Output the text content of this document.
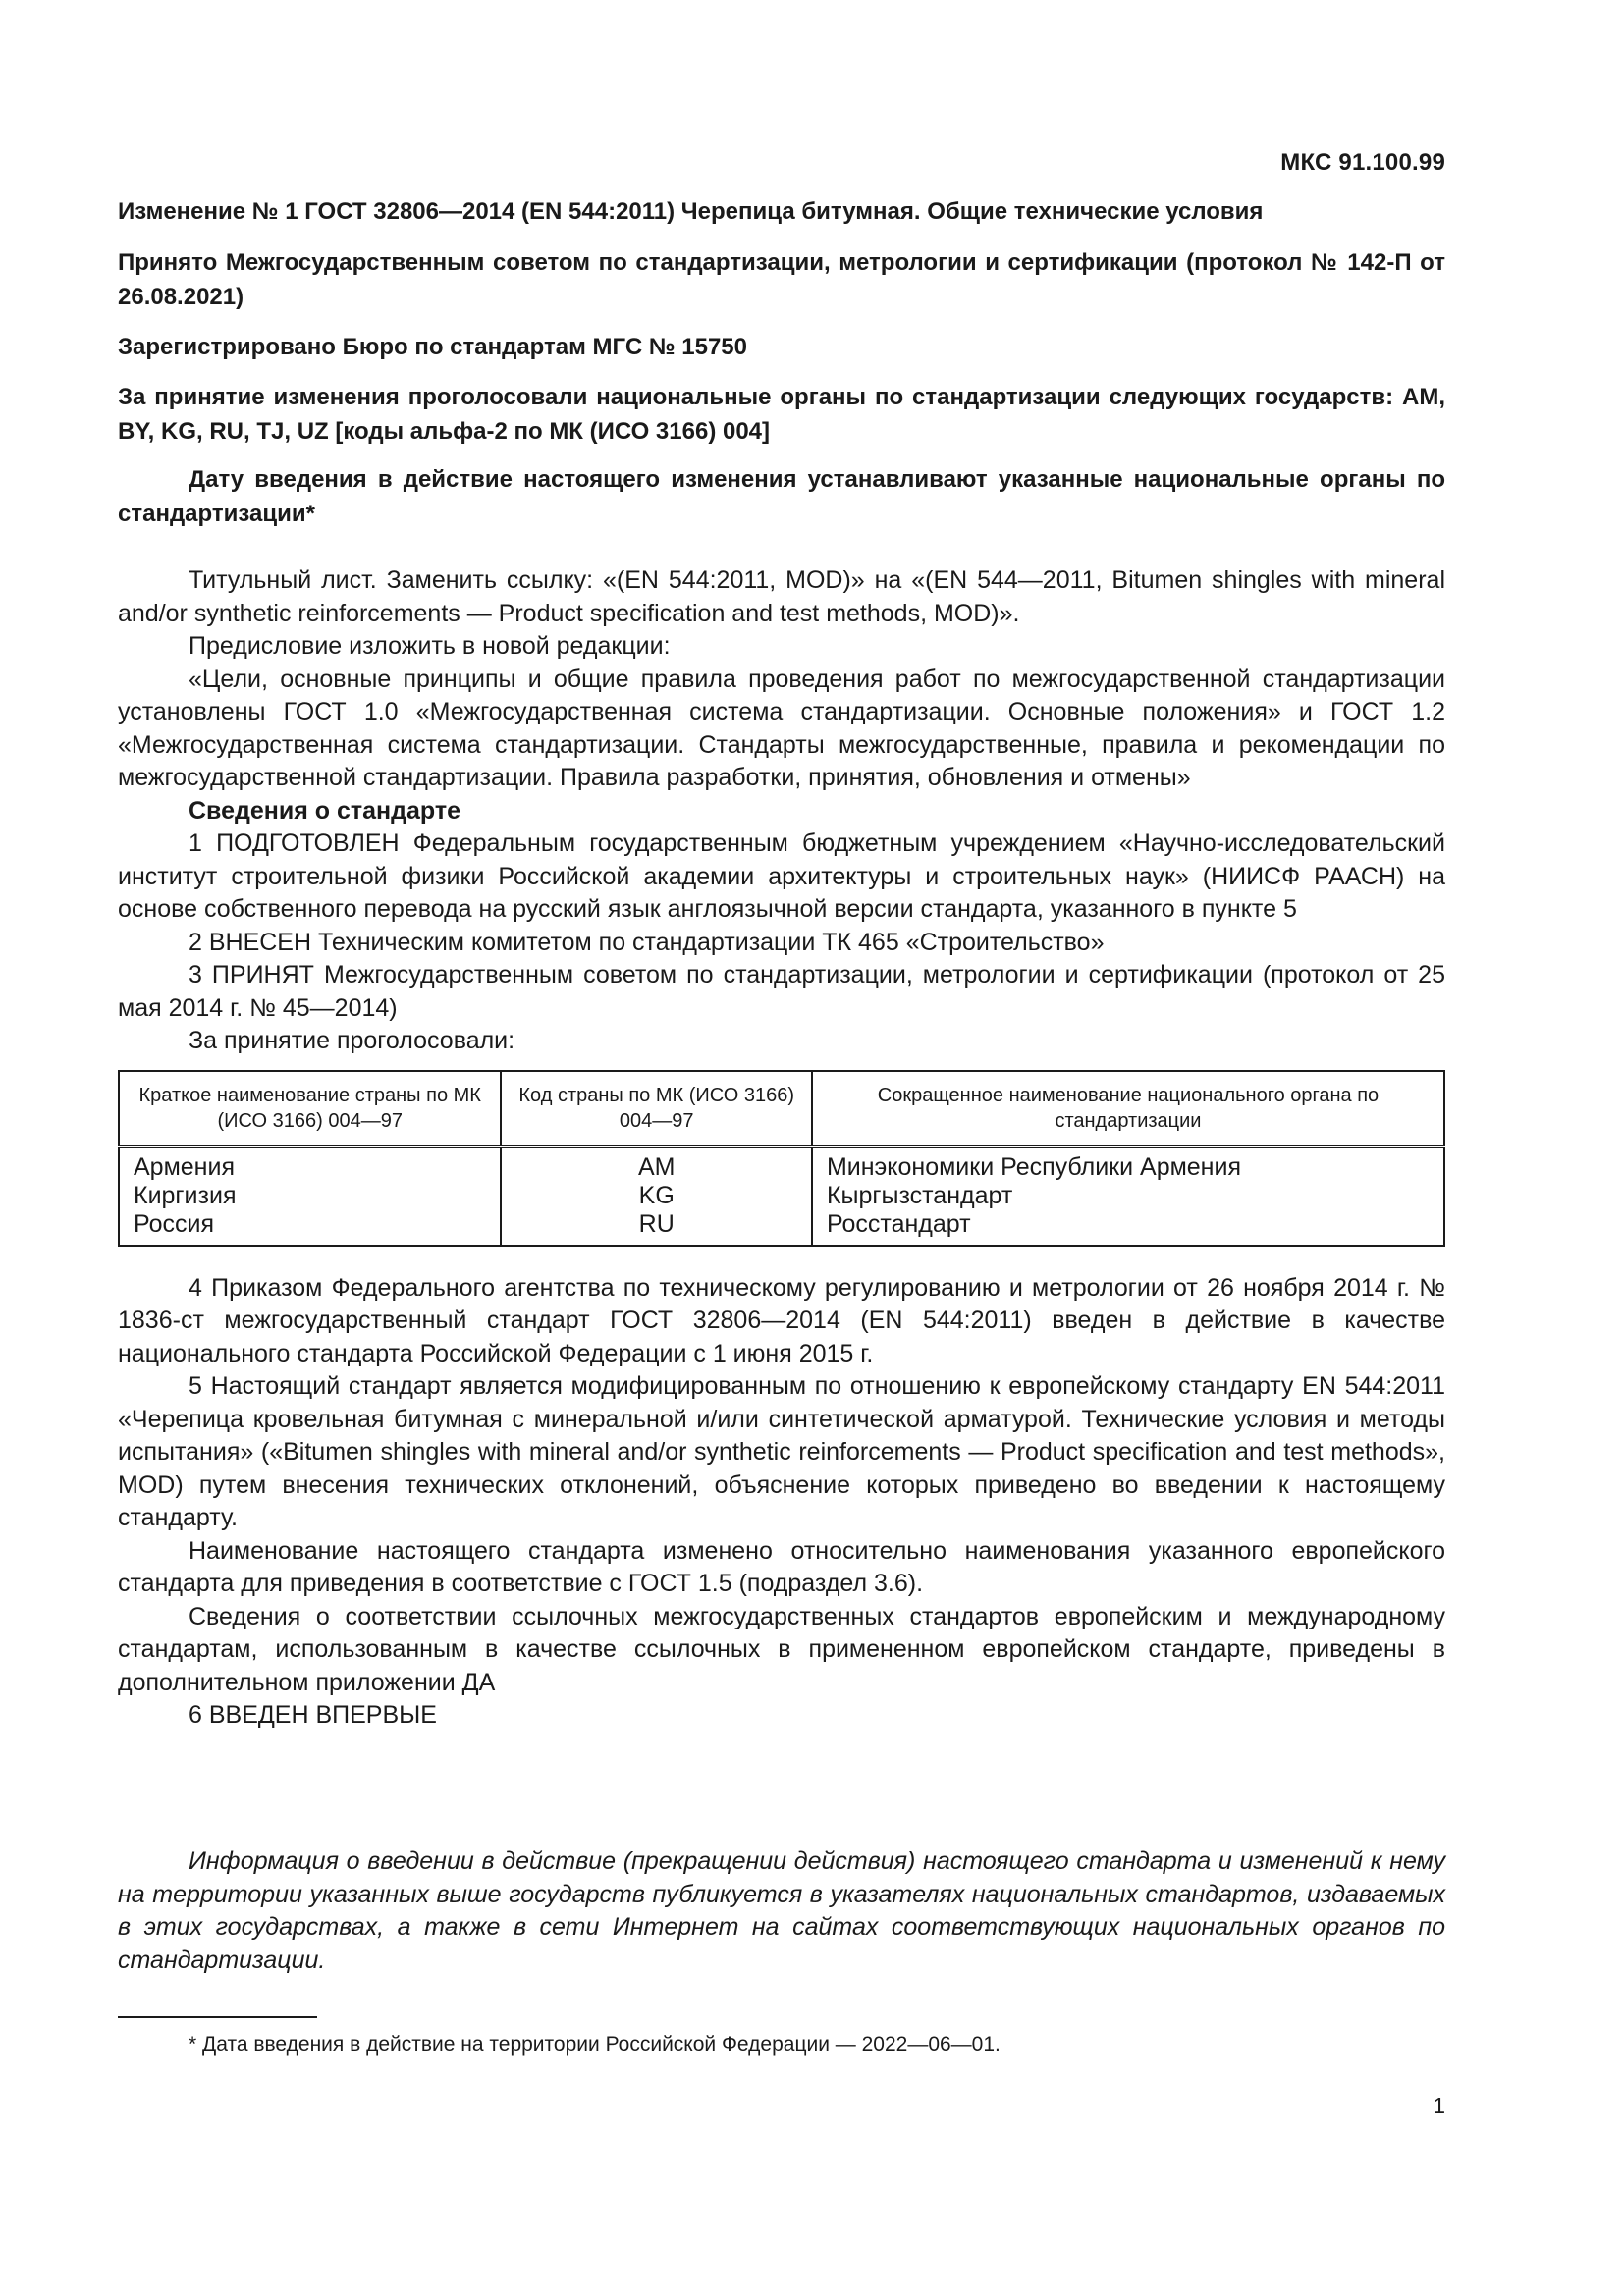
МКС 91.100.99
Изменение № 1 ГОСТ 32806—2014 (EN 544:2011) Черепица битумная. Общие технические условия
Принято Межгосударственным советом по стандартизации, метрологии и сертификации (протокол № 142-П от 26.08.2021)
Зарегистрировано Бюро по стандартам МГС № 15750
За принятие изменения проголосовали национальные органы по стандартизации следующих государств: AM, BY, KG, RU, TJ, UZ [коды альфа-2 по МК (ИСО 3166) 004]
Дату введения в действие настоящего изменения устанавливают указанные национальные органы по стандартизации*

Титульный лист. Заменить ссылку: «(EN 544:2011, MOD)» на «(EN 544—2011, Bitumen shingles with mineral and/or synthetic reinforcements — Product specification and test methods, MOD)».

Предисловие изложить в новой редакции:

«Цели, основные принципы и общие правила проведения работ по межгосударственной стандартизации установлены ГОСТ 1.0 «Межгосударственная система стандартизации. Основные положения» и ГОСТ 1.2 «Межгосударственная система стандартизации. Стандарты межгосударственные, правила и рекомендации по межгосударственной стандартизации. Правила разработки, принятия, обновления и отмены»

Сведения о стандарте

1 ПОДГОТОВЛЕН Федеральным государственным бюджетным учреждением «Научно-исследовательский институт строительной физики Российской академии архитектуры и строительных наук» (НИИСФ РААСН) на основе собственного перевода на русский язык англоязычной версии стандарта, указанного в пункте 5

2 ВНЕСЕН Техническим комитетом по стандартизации ТК 465 «Строительство»

3 ПРИНЯТ Межгосударственным советом по стандартизации, метрологии и сертификации (протокол от 25 мая 2014 г. № 45—2014)

За принятие проголосовали:

Краткое наименование страны по МК (ИСО 3166) 004—97	Код страны по МК (ИСО 3166) 004—97	Сокращенное наименование национального органа по стандартизации
Армения	AM	Минэкономики Республики Армения
Киргизия	KG	Кыргызстандарт
Россия	RU	Росстандарт

4 Приказом Федерального агентства по техническому регулированию и метрологии от 26 ноября 2014 г. № 1836-ст межгосударственный стандарт ГОСТ 32806—2014 (EN 544:2011) введен в действие в качестве национального стандарта Российской Федерации с 1 июня 2015 г.

5 Настоящий стандарт является модифицированным по отношению к европейскому стандарту EN 544:2011 «Черепица кровельная битумная с минеральной и/или синтетической арматурой. Технические условия и методы испытания» («Bitumen shingles with mineral and/or synthetic reinforcements — Product specification and test methods», MOD) путем внесения технических отклонений, объяснение которых приведено во введении к настоящему стандарту.

Наименование настоящего стандарта изменено относительно наименования указанного европейского стандарта для приведения в соответствие с ГОСТ 1.5 (подраздел 3.6).

Сведения о соответствии ссылочных межгосударственных стандартов европейским и международному стандартам, использованным в качестве ссылочных в примененном европейском стандарте, приведены в дополнительном приложении ДА

6 ВВЕДЕН ВПЕРВЫЕ

Информация о введении в действие (прекращении действия) настоящего стандарта и изменений к нему на территории указанных выше государств публикуется в указателях национальных стандартов, издаваемых в этих государствах, а также в сети Интернет на сайтах соответствующих национальных органов по стандартизации.
* Дата введения в действие на территории Российской Федерации — 2022—06—01.
1
